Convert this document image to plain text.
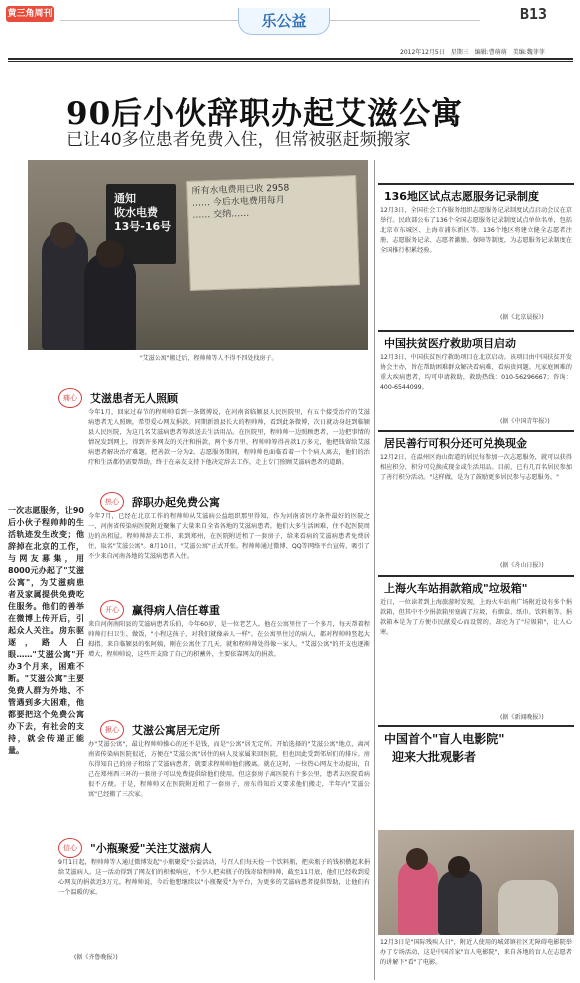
黄三角周刊	乐公益	B13
2012年12月5日　星期三　编辑:曹萌萌　美编:魏菲菲
90后小伙辞职办起艾滋公寓
已让40多位患者免费入住，但常被驱赶频搬家
通知
收水电费
13号-16号
所有水电费用已收 2958
…… 今后水电费用每月
…… 交纳……
"艾滋公寓"搬迁后，程帅帅等人不得不四处找房子。
痛心	艾滋患者无人照顾
今年1月，回家过春节的程帅帅看到一条微博说，在河南省临颍县人民医院里，有五个接受治疗的艾滋病患者无人照顾，希望爱心网友捐款。同期新浪县长大的程帅帅，看到此条微博，次日就动身赶到临颍县人民医院，为这几名艾滋病患者筹款送去生活用品。在医院里，程帅帅一边照顾患者，一边把事情的情况发到网上，得到许多网友的关注和捐款，两个多月里，程帅帅筹得善款1万多元，他把钱留给艾滋病患者解决治疗难题，把善款一分为2。志愿服务期间，程帅帅也面临看着一个个病人离去，他们的治疗和生活都仍需要帮助，终于在亲友支持下他决定辞去工作，走上专门照顾艾滋病患者的道路。
热心	辞职办起免费公寓
今年7月，已经在北京工作的程帅帅从艾滋病公益组织那里得知，作为河南省医疗条件最好的医院之一，河南省传染病医院附近聚集了大量来自全省各地的艾滋病患者。他们大多生活困难，住不起医院周边的出租屋。程帅帅辞去工作，来到郑州，在医院附近租了一套房子，给来看病的艾滋病患者免费居住，取名"艾滋公寓"。8月10日，"艾滋公寓"正式开张。程帅帅通过微博、QQ等网络平台宣传，吸引了不少来自河南各地的艾滋病患者入住。
开心	赢得病人信任尊重
来自河南南阳县的艾滋病患者乐伯，今年60岁，是一位老艺人。他在公寓里住了一个多月，每天帮着程帅帅打扫卫生、做饭，"小程这孩子，对我们就像亲人一样"。在公寓里住过的病人，都对程帅帅竖起大拇指。来自临颍县的张阿姨，刚在公寓住了几天，就和程帅帅处得像一家人。"艾滋公寓"的开支也逐渐增大，程帅帅说，这些开支除了自己的积蓄外，主要依靠网友的捐款。
揪心	艾滋公寓居无定所
办"艾滋公寓"，最让程帅帅操心的还不是钱，而是"公寓"居无定所。开始选择的"艾滋公寓"地点，离河南省传染病医院很近，方便在"艾滋公寓"居住的病人及家属来回医院，但也因此受到邻居们的排斥。房东得知自己的房子租给了艾滋病患者，就要求程帅帅他们搬离。就在这时，一位热心网友主动提出，自己在郑州西三环的一套房子可以免费提供给他们使用。但这套房子离医院有十多公里，患者去医院看病很不方便。于是，程帅帅又在医院附近租了一套房子，房东得知后又要求他们搬走，半年内"艾滋公寓"已经搬了三次家。
信心	"小瓶聚爱"关注艾滋病人
9月1日起，程帅帅等人通过微博发起"小瓶聚爱"公益活动，号召人们每天捡一个饮料瓶，把卖瓶子的钱积攒起来捐给艾滋病人。这一活动得到了网友们的积极响应，不少人把卖瓶子的钱寄给程帅帅，截至11月底，他们已经收到爱心网友的捐款近3万元。程帅帅说，今后他想继续以"小瓶聚爱"为平台，为更多的艾滋病患者提供帮助，让他们有一个温暖的家。
(据《齐鲁晚报》)
一次志愿服务，让90后小伙子程帅帅的生活轨迹发生改变；他辞掉在北京的工作，与网友募集，用8000元办起了"艾滋公寓"，为艾滋病患者及家属提供免费吃住服务。他们的善举在微博上传开后，引起众人关注。房东驱逐，路人白眼……"艾滋公寓"开办3个月来，困难不断。"艾滋公寓"主要免费人群为外地、不管遇到多大困难，他都要把这个免费公寓办下去，有社会的支持，就会传递正能量。
136地区试点志愿服务记录制度
12月3日，全国社会工作服务组织志愿服务记录制度试点启动会议在京举行。民政部公布了136个全国志愿服务记录制度试点单位名单，包括北京市东城区、上海市浦东新区等。136个地区将建立健全志愿者注册、志愿服务记录、志愿者激励、保障等制度，为志愿服务记录制度在全国推行积累经验。
(据《北京晨报》)
中国扶贫医疗救助项目启动
12月3日，中国扶贫医疗救助项目在北京启动。该项目由中国扶贫开发协会主办，旨在帮助困难群众解决看病难、看病贵问题。凡家庭困难的重大疾病患者，均可申请救助，救助热线：010-56296667；咨询：400-6544099。
(据《中国青年报》)
居民善行可积分还可兑换现金
12月2日，在温州区海山街道的居民每参加一次志愿服务，就可以获得相应积分，积分可兑换成现金或生活用品。目前，已有几百名居民参加了善行积分活动。"这样做，是为了鼓励更多居民参与志愿服务。"
(据《舟山日报》)
上海火车站捐款箱成"垃圾箱"
近日，一位读者到上海旅游时发现，上海火车站南广场附近设有多个捐款箱，但其中不少捐款箱里塞满了垃圾，有烟盒、纸巾、饮料瓶等。捐款箱本是为了方便市民献爱心而设置的，却沦为了"垃圾箱"，让人心寒。
(据《新闻晚报》)
中国首个"盲人电影院"
迎来大批观影者
12月3日是"国际残疾人日"，附近人使用的城郊镇社区无障碍电影院举办了专场活动，这是中国首家"盲人电影院"，来自各地的盲人在志愿者的讲解下"看"了电影。
